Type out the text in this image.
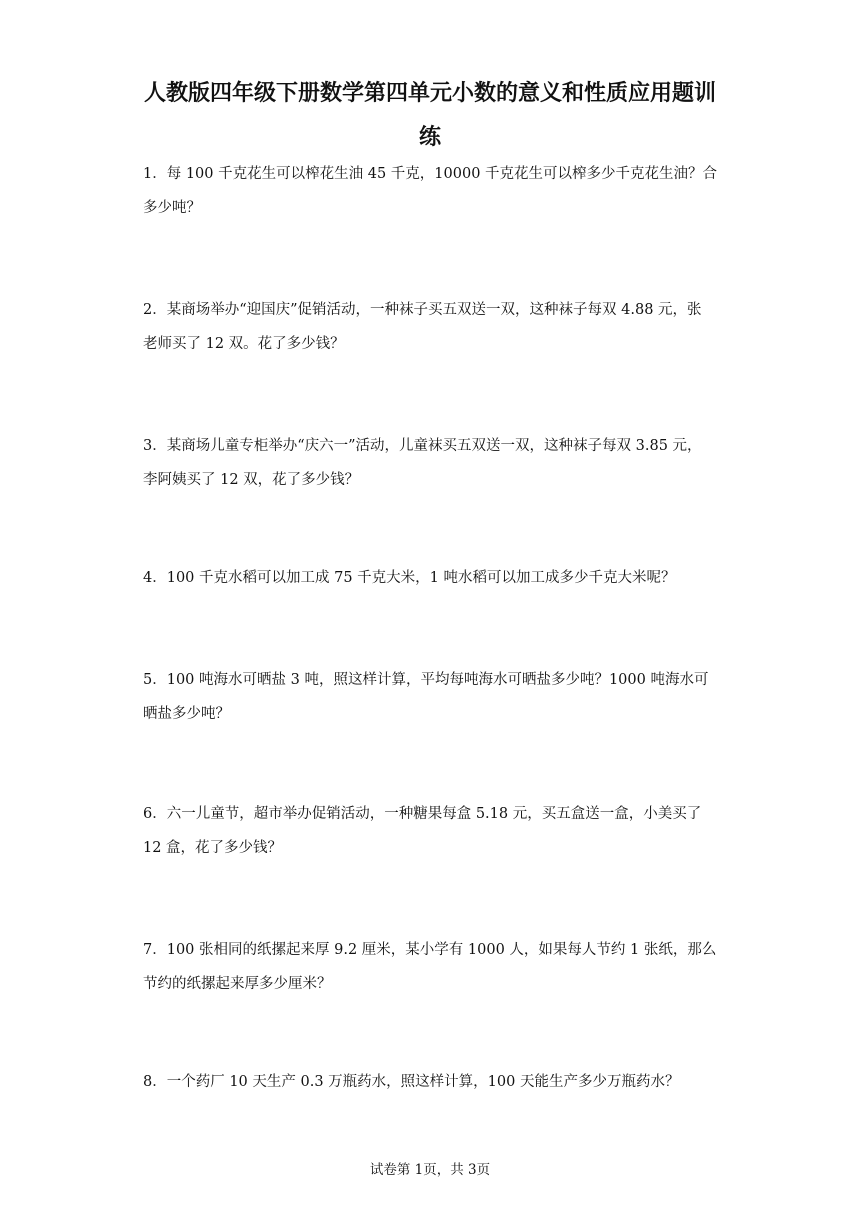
人教版四年级下册数学第四单元小数的意义和性质应用题训
练
1．每 100 千克花生可以榨花生油 45 千克，10000 千克花生可以榨多少千克花生油？合
多少吨？
2．某商场举办“迎国庆”促销活动，一种袜子买五双送一双，这种袜子每双 4.88 元，张
老师买了 12 双。花了多少钱？
3．某商场儿童专柜举办“庆六一”活动，儿童袜买五双送一双，这种袜子每双 3.85 元，
李阿姨买了 12 双，花了多少钱？
4．100 千克水稻可以加工成 75 千克大米，1 吨水稻可以加工成多少千克大米呢？
5．100 吨海水可晒盐 3 吨，照这样计算，平均每吨海水可晒盐多少吨？1000 吨海水可
晒盐多少吨？
6．六一儿童节，超市举办促销活动，一种糖果每盒 5.18 元，买五盒送一盒，小美买了
12 盒，花了多少钱？
7．100 张相同的纸摞起来厚 9.2 厘米，某小学有 1000 人，如果每人节约 1 张纸，那么
节约的纸摞起来厚多少厘米？
8．一个药厂 10 天生产 0.3 万瓶药水，照这样计算，100 天能生产多少万瓶药水？
试卷第 1页，共 3页
